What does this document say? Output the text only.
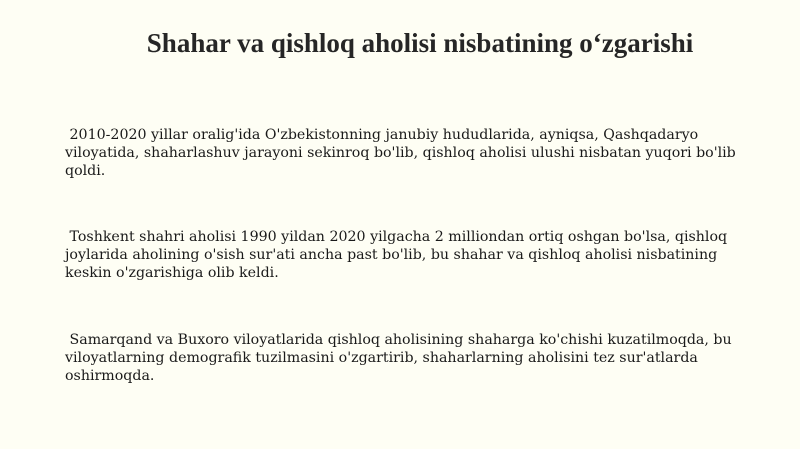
Shahar va qishloq aholisi nisbatining o‘zgarishi

2010-2020 yillar oralig'ida O'zbekistonning janubiy hududlarida, ayniqsa, Qashqadaryo viloyatida, shaharlashuv jarayoni sekinroq bo'lib, qishloq aholisi ulushi nisbatan yuqori bo'lib qoldi.

Toshkent shahri aholisi 1990 yildan 2020 yilgacha 2 milliondan ortiq oshgan bo'lsa, qishloq joylarida aholining o'sish sur'ati ancha past bo'lib, bu shahar va qishloq aholisi nisbatining keskin o'zgarishiga olib keldi.

Samarqand va Buxoro viloyatlarida qishloq aholisining shaharga ko'chishi kuzatilmoqda, bu viloyatlarning demografik tuzilmasini o'zgartirib, shaharlarning aholisini tez sur'atlarda oshirmoqda.
